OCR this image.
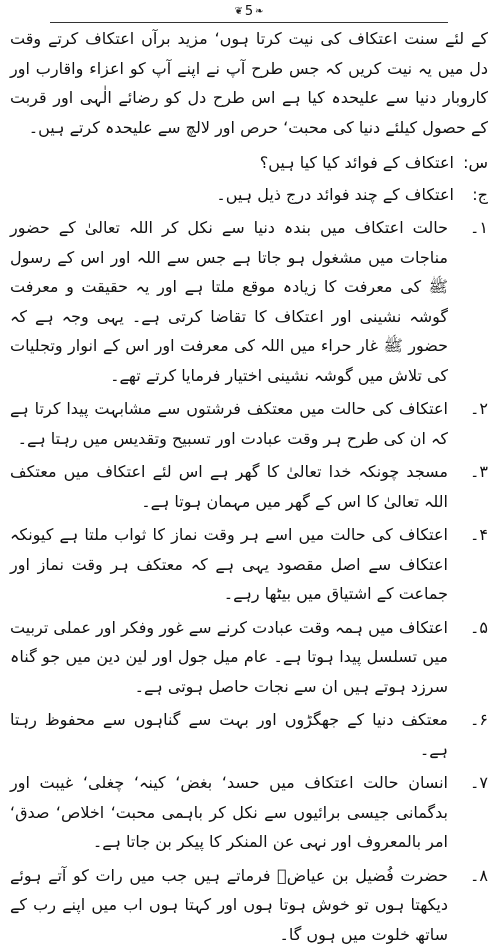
❦
5
❧

کے لئے سنت اعتکاف کی نیت کرتا ہوں‘ مزید برآں اعتکاف کرتے وقت دل میں یہ نیت کریں کہ جس طرح آپ نے اپنے آپ کو اعزاء واقارب اور کاروبار دنیا سے علیحدہ کیا ہے اس طرح دل کو رضائے الٰہی اور قربت کے حصول کیلئے دنیا کی محبت‘ حرص اور لالچ سے علیحدہ کرتے ہیں۔

س:
اعتکاف کے فوائد کیا کیا ہیں؟
ج:
اعتکاف کے چند فوائد درج ذیل ہیں۔
۱۔
حالت اعتکاف میں بندہ دنیا سے نکل کر اللہ تعالیٰ کے حضور مناجات میں مشغول ہو جاتا ہے جس سے اللہ اور اس کے رسول ﷺ کی معرفت کا زیادہ موقع ملتا ہے اور یہ حقیقت و معرفت گوشہ نشینی اور اعتکاف کا تقاضا کرتی ہے۔ یہی وجہ ہے کہ حضور ﷺ غار حراء میں اللہ کی معرفت اور اس کے انوار وتجلیات کی تلاش میں گوشہ نشینی اختیار فرمایا کرتے تھے۔
۲۔
اعتکاف کی حالت میں معتکف فرشتوں سے مشابہت پیدا کرتا ہے کہ ان کی طرح ہر وقت عبادت اور تسبیح وتقدیس میں رہتا ہے۔
۳۔
مسجد چونکہ خدا تعالیٰ کا گھر ہے اس لئے اعتکاف میں معتکف اللہ تعالیٰ کا اس کے گھر میں مہمان ہوتا ہے۔
۴۔
اعتکاف کی حالت میں اسے ہر وقت نماز کا ثواب ملتا ہے کیونکہ اعتکاف سے اصل مقصود یہی ہے کہ معتکف ہر وقت نماز اور جماعت کے اشتیاق میں بیٹھا رہے۔
۵۔
اعتکاف میں ہمہ وقت عبادت کرنے سے غور وفکر اور عملی تربیت میں تسلسل پیدا ہوتا ہے۔ عام میل جول اور لین دین میں جو گناہ سرزد ہوتے ہیں ان سے نجات حاصل ہوتی ہے۔
۶۔
معتکف دنیا کے جھگڑوں اور بہت سے گناہوں سے محفوظ رہتا ہے۔
۷۔
انسان حالت اعتکاف میں حسد‘ بغض‘ کینہ‘ چغلی‘ غیبت اور بدگمانی جیسی برائیوں سے نکل کر باہمی محبت‘ اخلاص‘ صدق‘ امر بالمعروف اور نہی عن المنکر کا پیکر بن جاتا ہے۔
۸۔
حضرت فُضیل بن عیاضؒ فرماتے ہیں جب میں رات کو آتے ہوئے دیکھتا ہوں تو خوش ہوتا ہوں اور کہتا ہوں اب میں اپنے رب کے ساتھ خلوت میں ہوں گا۔
